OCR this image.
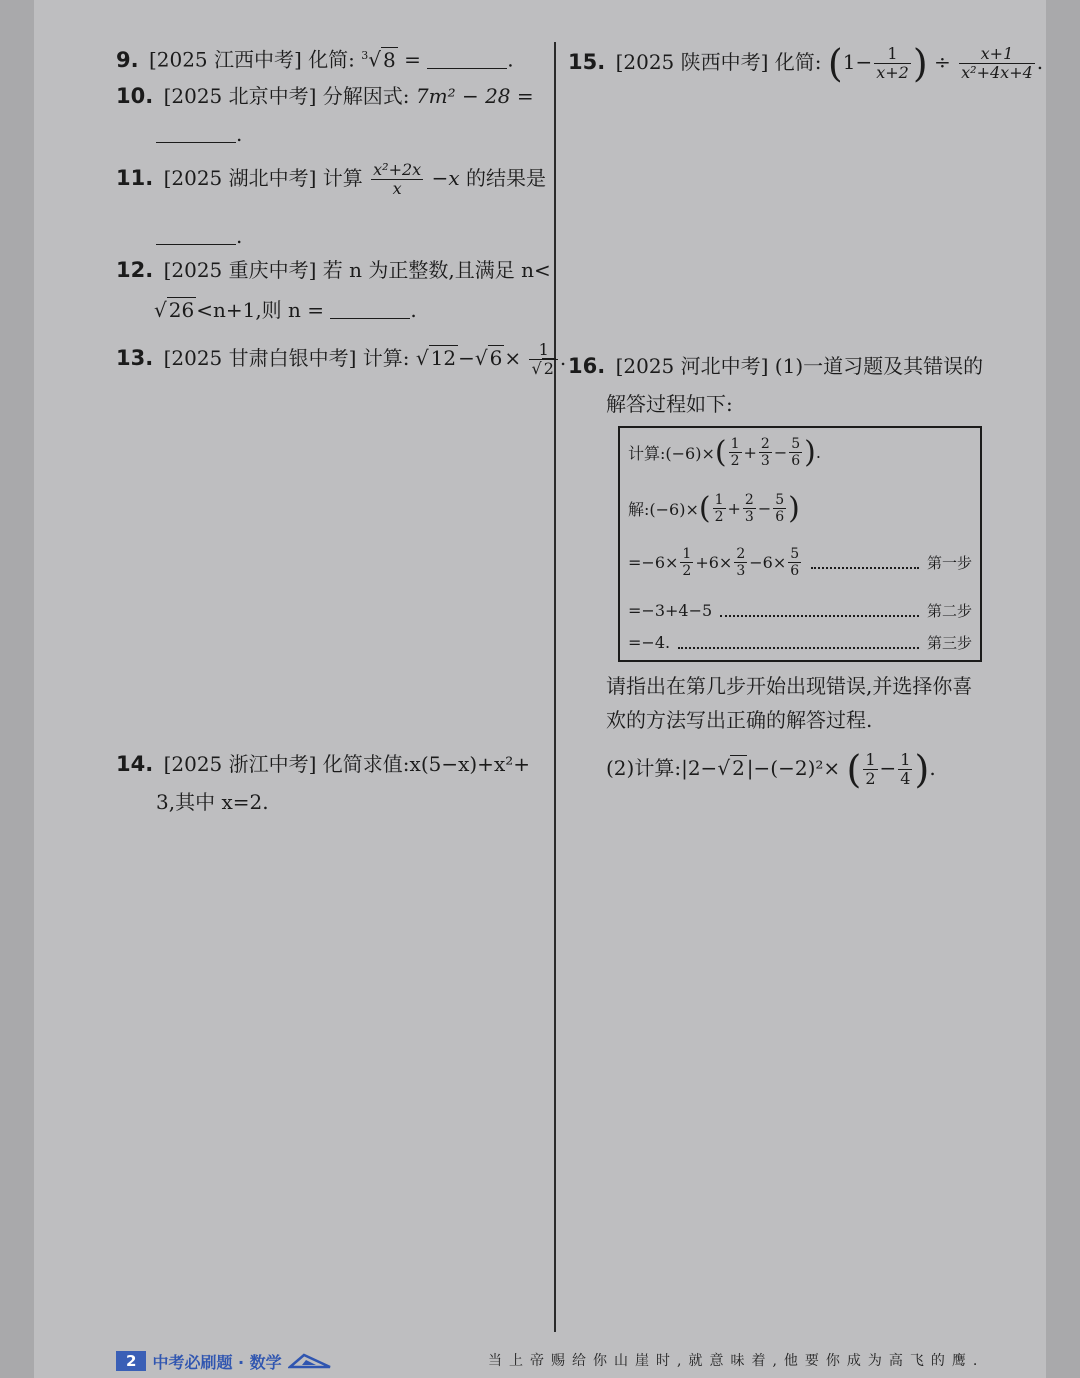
9. [2025 江西中考] 化简: $^3$√ 8 =	.
10. [2025 北京中考] 分解因式: 7m² − 28 =
.
11. [2025 湖北中考] 计算 $\frac{\text{x²+2x}}{x} -x$ 的结果是
.
12. [2025 重庆中考] 若 n 为正整数,且满足 n<
√ 26 <n+1,则 n =	.
13. [2025 甘肃白银中考] 计算: √ 12 −√ $6 \times \frac{1}{√ 2}$ .
14. [2025 浙江中考] 化简求值:x(5−x)+x²+
3,其中 x=2.
15. [2025 陕西中考] 化简: ($1- \frac{1}{x+2}$ ) ÷ $\frac{x+1}{\text{x²+4x+4}}$ .
16. [2025 河北中考] (1)一道习题及其错误的
解答过程如下:
计算:(−6)× ( $\frac{1}{2} + \frac{2}{3} - \frac{5}{6}$ ) .
解:(−6)× ( $\frac{1}{2} + \frac{2}{3} - \frac{5}{6}$ )
$=-6\times \frac{1}{2} +6\times \frac{2}{3} -6\times \frac{5}{6}$	第一步
=−3+4−5	第二步
=−4.	第三步
请指出在第几步开始出现错误,并选择你喜
欢的方法写出正确的解答过程.
(2)计算:|2−√ 2 |−(−2)²× ( $\frac{1}{2} - \frac{1}{4}$ ).
2	中考必刷题 · 数学	当上帝赐给你山崖时,就意味着,他要你成为高飞的鹰.
